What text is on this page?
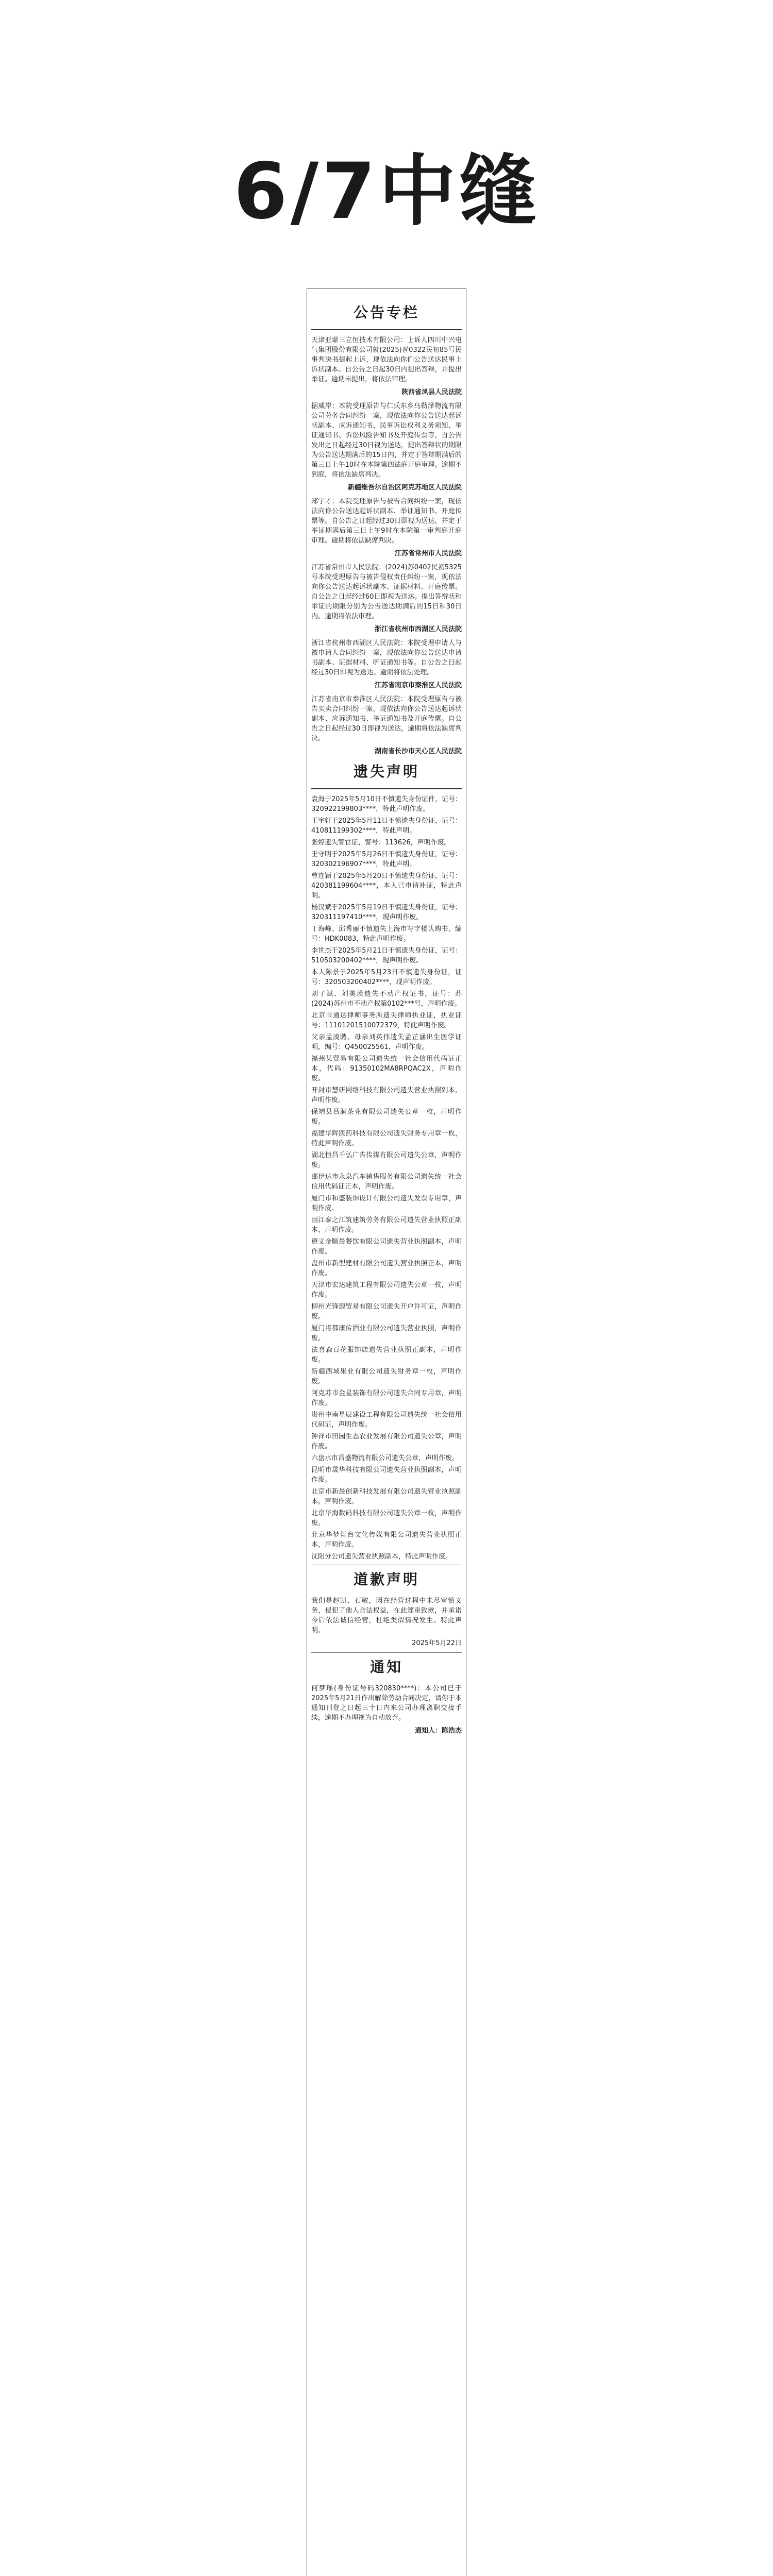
6/7中缝
公告专栏

天津亚蒙三立恒技术有限公司：上诉人四川中兴电气集团股份有限公司就(2025)晋0322民初85号民事判决书提起上诉，现依法向你们公告送达民事上诉状副本。自公告之日起30日内提出答辩，并提出举证。逾期未提出，将依法审理。

陕西省凤县人民法院

据威岸：本院受理原告与仁氏东乡乌勒泽物流有限公司劳务合同纠纷一案，现依法向你公告送达起诉状副本、应诉通知书、民事诉讼权利义务须知、举证通知书、诉讼风险告知书及开庭传票等。自公告发出之日起经过30日视为送达，提出答辩状的期限为公告送达期满后的15日内，并定于答辩期满后的第三日上午10时在本院第四法庭开庭审理。逾期不到庭，将依法缺席判决。

新疆维吾尔自治区阿克苏地区人民法院

郑宇才：本院受理原告与被告合同纠纷一案，现依法向你公告送达起诉状副本、举证通知书、开庭传票等。自公告之日起经过30日即视为送达，并定于举证期满后第三日上午9时在本院第一审判庭开庭审理。逾期将依法缺席判决。

江苏省常州市人民法院

江苏省常州市人民法院：(2024)苏0402民初5325号本院受理原告与被告侵权责任纠纷一案，现依法向你公告送达起诉状副本、证据材料、开庭传票。自公告之日起经过60日即视为送达。提出答辩状和举证的期限分别为公告送达期满后的15日和30日内。逾期将依法审理。

浙江省杭州市西湖区人民法院

浙江省杭州市西湖区人民法院：本院受理申请人与被申请人合同纠纷一案，现依法向你公告送达申请书副本、证据材料、听证通知书等。自公告之日起经过30日即视为送达。逾期将依法处理。

江苏省南京市秦淮区人民法院

江苏省南京市秦淮区人民法院：本院受理原告与被告买卖合同纠纷一案，现依法向你公告送达起诉状副本、应诉通知书、举证通知书及开庭传票。自公告之日起经过30日即视为送达，逾期将依法缺席判决。

湖南省长沙市天心区人民法院
遗失声明

袁海于2025年5月10日不慎遗失身份证件，证号：320922199803****，特此声明作废。

王宇轩于2025年5月11日不慎遗失身份证，证号：410811199302****，特此声明。

张婷遗失警官证，警号：113626，声明作废。

王守明于2025年5月26日不慎遗失身份证，证号：320302196907****，特此声明。

曹连颖于2025年5月20日不慎遗失身份证，证号：420381199604****，本人已申请补证，特此声明。

杨汉斌于2025年5月19日不慎遗失身份证，证号：320311197410****，现声明作废。

丁海峰、邱秀丽不慎遗失上海市写字楼认购书，编号：HDK0083，特此声明作废。

李世杰于2025年5月21日不慎遗失身份证，证号：510503200402****，现声明作废。

本人陈景于2025年5月23日不慎遗失身份证，证号：320503200402****，现声明作废。

刘子斌、刘美瑛遗失不动产权证书，证号：苏(2024)苏州市不动产权第0102***号，声明作废。

北京市通达律师事务所遗失律师执业证，执业证号：11101201510072379，特此声明作废。

父亲孟凌聘、母亲刘英伟遗失孟芷涵出生医学证明，编号：Q450025561，声明作废。

福州某贸易有限公司遗失统一社会信用代码证正本，代码：91350102MA8RPQAC2X，声明作废。

开封市慧研网络科技有限公司遗失营业执照副本，声明作废。

保靖县吕洞茶业有限公司遗失公章一枚，声明作废。

福建华辉医药科技有限公司遗失财务专用章一枚，特此声明作废。

湖北恒昌千弘广告传媒有限公司遗失公章，声明作废。

邵伊达市永泉汽车销售服务有限公司遗失统一社会信用代码证正本，声明作废。

厦门市和盛装饰设计有限公司遗失发票专用章，声明作废。

丽江泰之江筑建筑劳务有限公司遗失营业执照正副本，声明作废。

遵义金顺晨餐饮有限公司遗失营业执照副本，声明作废。

盘州市新型建材有限公司遗失营业执照正本，声明作废。

天津市宏达建筑工程有限公司遗失公章一枚，声明作废。

柳州光锋源贸易有限公司遗失开户许可证，声明作废。

厦门将都康传酒业有限公司遗失营业执照，声明作废。

法喜森百花服饰店遗失营业执照正副本，声明作废。

新疆西域果业有限公司遗失财务章一枚，声明作废。

阿克苏市金星装饰有限公司遗失合同专用章，声明作废。

贵州中南星辰建设工程有限公司遗失统一社会信用代码证，声明作废。

钟祥市田园生态农业发展有限公司遗失公章，声明作废。

六盘水市昌盛物流有限公司遗失公章，声明作废。

昆明市晟华科技有限公司遗失营业执照副本，声明作废。

北京市新晨创新科技发展有限公司遗失营业执照副本，声明作废。

北京华海数码科技有限公司遗失公章一枚，声明作废。

北京华梦舞台文化传媒有限公司遗失营业执照正本，声明作废。

沈阳分公司遗失营业执照副本，特此声明作废。

道歉声明

我们是赵凯、石敏，因在经营过程中未尽审慎义务，侵犯了他人合法权益，在此郑重致歉，并承诺今后依法诚信经营，杜绝类似情况发生。特此声明。

2025年5月22日
通知

何梦瑶(身份证号码320830****)：本公司已于2025年5月21日作出解除劳动合同决定，请你于本通知刊登之日起三十日内来公司办理离职交接手续，逾期不办理视为自动放弃。

通知人：陈浩杰
